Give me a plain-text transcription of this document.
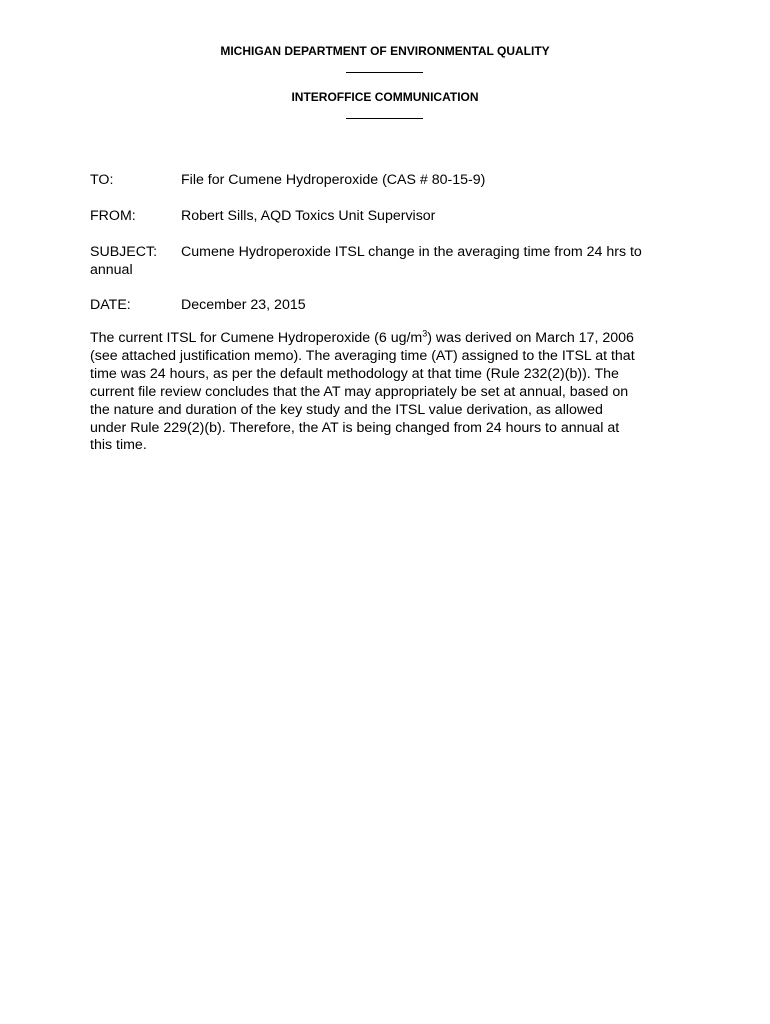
MICHIGAN DEPARTMENT OF ENVIRONMENTAL QUALITY
INTEROFFICE COMMUNICATION
TO:	File for Cumene Hydroperoxide (CAS # 80-15-9)
FROM:	Robert Sills, AQD Toxics Unit Supervisor
SUBJECT: Cumene Hydroperoxide ITSL change in the averaging time from 24 hrs to
annual
DATE:	December 23, 2015
The current ITSL for Cumene Hydroperoxide (6 $ug/m^3$) was derived on March 17, 2006
(see attached justification memo). The averaging time (AT) assigned to the ITSL at that
time was 24 hours, as per the default methodology at that time (Rule 232(2)(b)). The
current file review concludes that the AT may appropriately be set at annual, based on
the nature and duration of the key study and the ITSL value derivation, as allowed
under Rule 229(2)(b). Therefore, the AT is being changed from 24 hours to annual at
this time.
